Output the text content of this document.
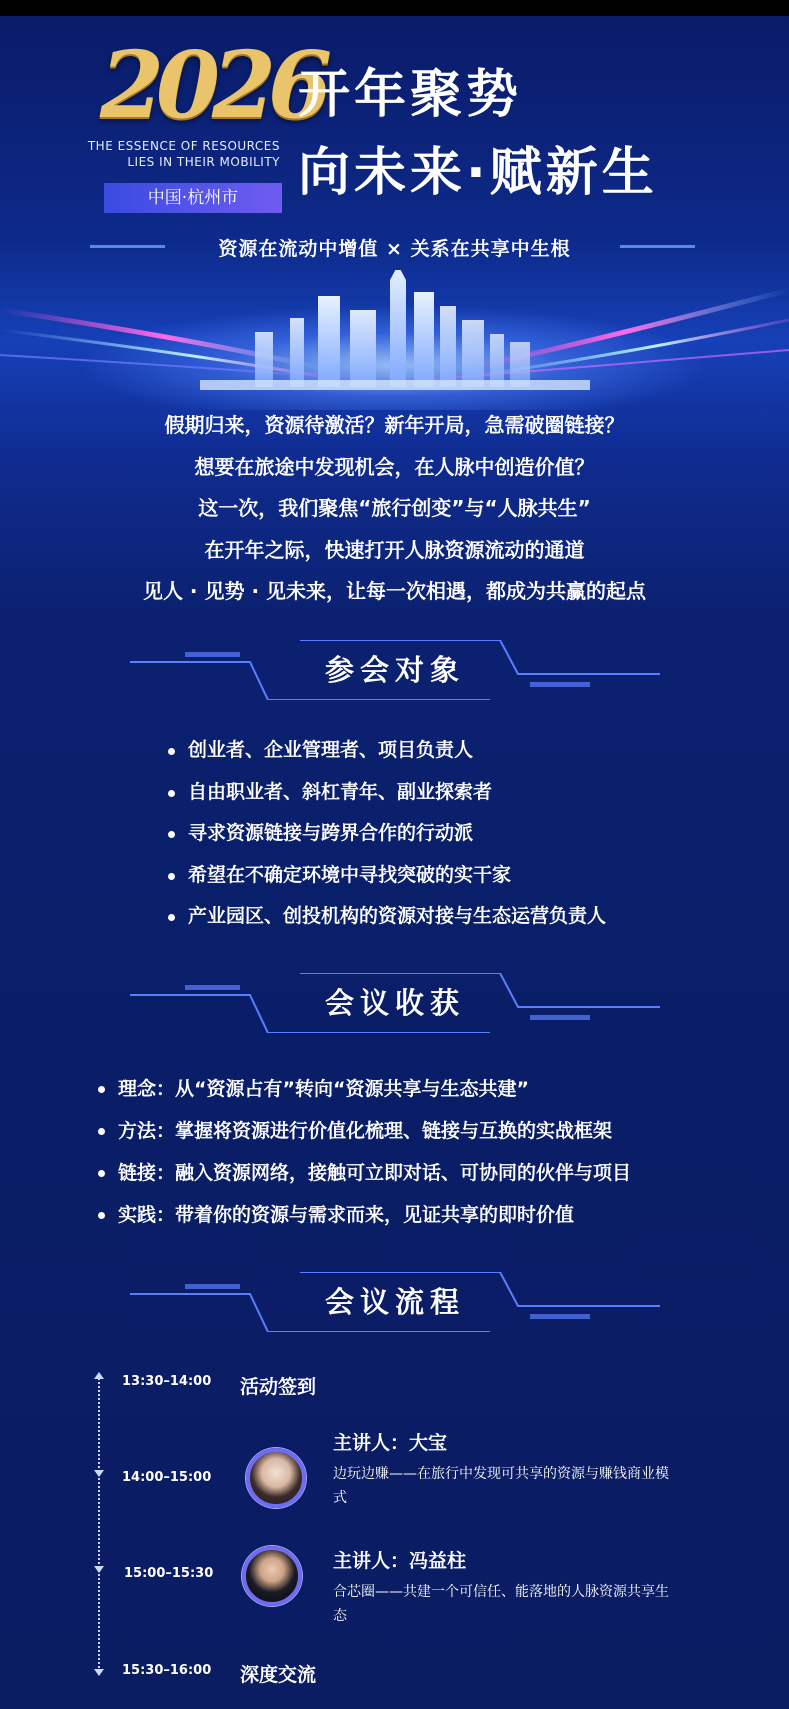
2026
THE ESSENCE OF RESOURCES
LIES IN THEIR MOBILITY
中国·杭州市
开年聚势
向未来·赋新生
资源在流动中增值 × 关系在共享中生根
假期归来，资源待激活？新年开局，急需破圈链接？
想要在旅途中发现机会，在人脉中创造价值？
这一次，我们聚焦“旅行创变”与“人脉共生”
在开年之际，快速打开人脉资源流动的通道
见人 · 见势 · 见未来，让每一次相遇，都成为共赢的起点
参会对象
创业者、企业管理者、项目负责人
自由职业者、斜杠青年、副业探索者
寻求资源链接与跨界合作的行动派
希望在不确定环境中寻找突破的实干家
产业园区、创投机构的资源对接与生态运营负责人
会议收获
理念：从“资源占有”转向“资源共享与生态共建”
方法：掌握将资源进行价值化梳理、链接与互换的实战框架
链接：融入资源网络，接触可立即对话、可协同的伙伴与项目
实践：带着你的资源与需求而来，见证共享的即时价值
会议流程
13:30–14:00 活动签到
14:00–15:00
主讲人：大宝
边玩边赚——在旅行中发现可共享的资源与赚钱商业模式
15:00–15:30
主讲人：冯益柱
合芯圈——共建一个可信任、能落地的人脉资源共享生态
15:30–16:00 深度交流
